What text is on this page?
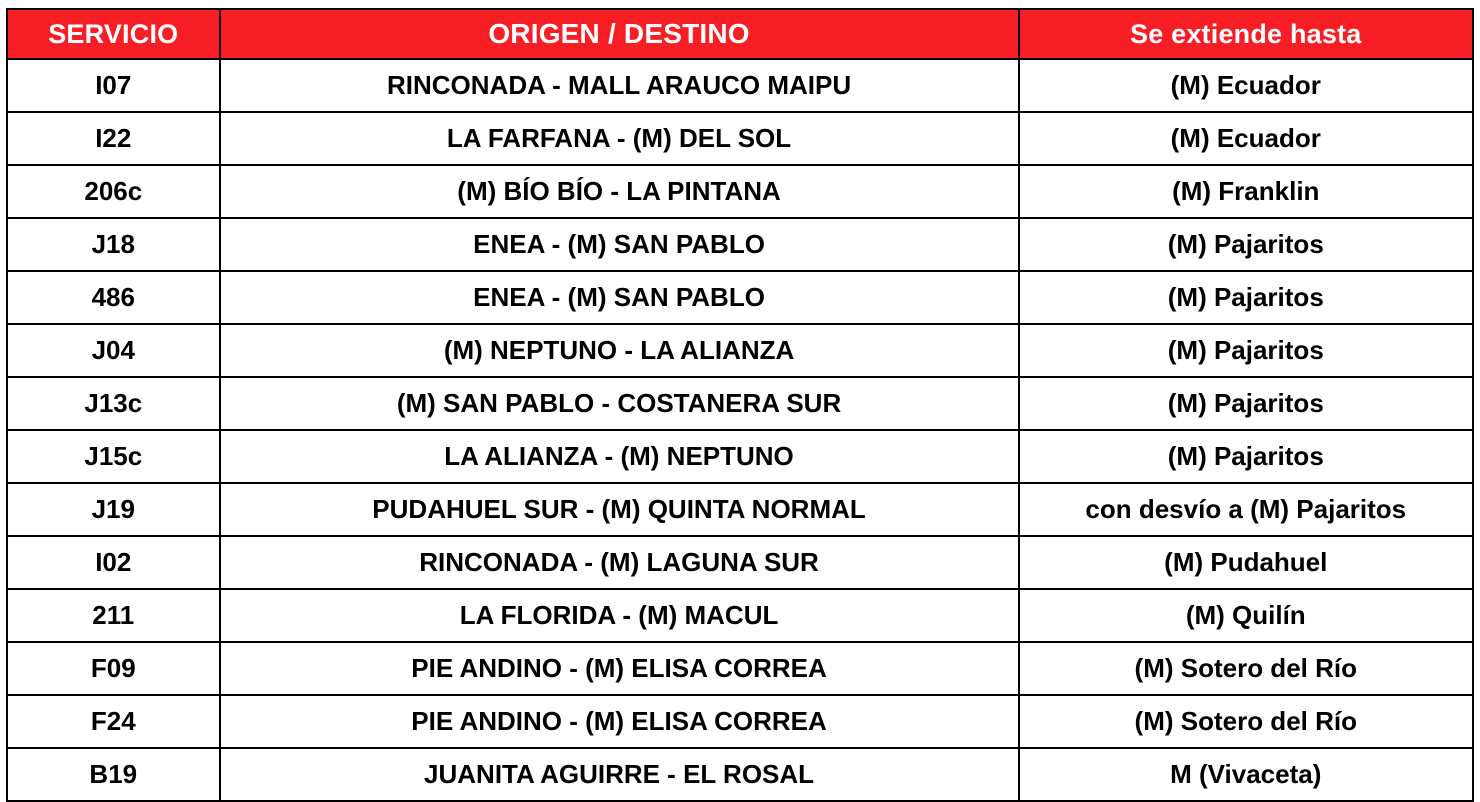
SERVICIO	ORIGEN / DESTINO	Se extiende hasta
I07	RINCONADA - MALL ARAUCO MAIPU	(M) Ecuador
I22	LA FARFANA - (M) DEL SOL	(M) Ecuador
206c	(M) BÍO BÍO - LA PINTANA	(M) Franklin
J18	ENEA - (M) SAN PABLO	(M) Pajaritos
486	ENEA - (M) SAN PABLO	(M) Pajaritos
J04	(M) NEPTUNO - LA ALIANZA	(M) Pajaritos
J13c	(M) SAN PABLO - COSTANERA SUR	(M) Pajaritos
J15c	LA ALIANZA - (M) NEPTUNO	(M) Pajaritos
J19	PUDAHUEL SUR - (M) QUINTA NORMAL	con desvío a (M) Pajaritos
I02	RINCONADA - (M) LAGUNA SUR	(M) Pudahuel
211	LA FLORIDA - (M) MACUL	(M) Quilín
F09	PIE ANDINO - (M) ELISA CORREA	(M) Sotero del Río
F24	PIE ANDINO - (M) ELISA CORREA	(M) Sotero del Río
B19	JUANITA AGUIRRE - EL ROSAL	M (Vivaceta)
